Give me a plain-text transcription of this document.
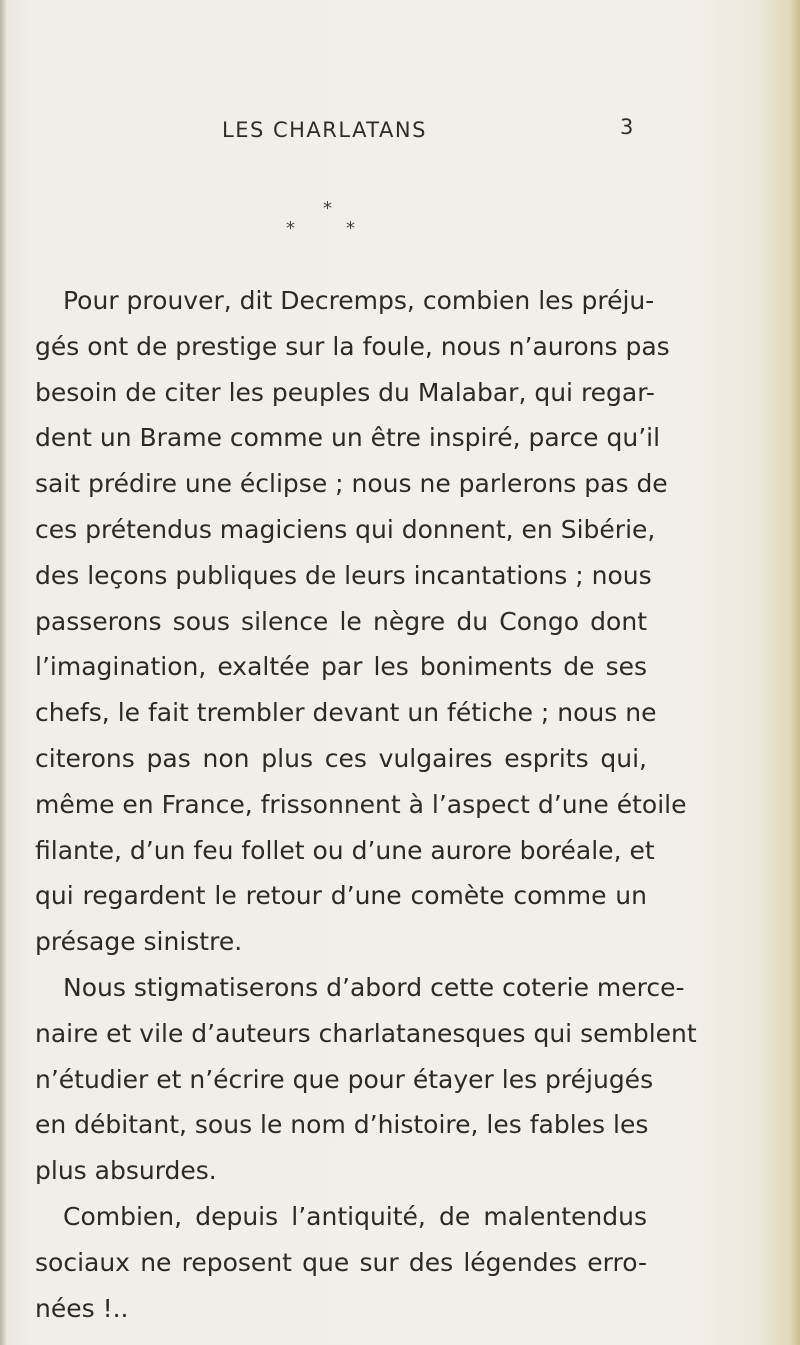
LES CHARLATANS	3
*
*	*
Pour prouver, dit Decremps, combien les préju-
gés ont de prestige sur la foule, nous n’aurons pas
besoin de citer les peuples du Malabar, qui regar-
dent un Brame comme un être inspiré, parce qu’il
sait prédire une éclipse ; nous ne parlerons pas de
ces prétendus magiciens qui donnent, en Sibérie,
des leçons publiques de leurs incantations ; nous
passerons sous silence le nègre du Congo dont
l’imagination, exaltée par les boniments de ses
chefs, le fait trembler devant un fétiche ; nous ne
citerons pas non plus ces vulgaires esprits qui,
même en France, frissonnent à l’aspect d’une étoile
filante, d’un feu follet ou d’une aurore boréale, et
qui regardent le retour d’une comète comme un
présage sinistre.
Nous stigmatiserons d’abord cette coterie merce-
naire et vile d’auteurs charlatanesques qui semblent
n’étudier et n’écrire que pour étayer les préjugés
en débitant, sous le nom d’histoire, les fables les
plus absurdes.
Combien, depuis l’antiquité, de malentendus
sociaux ne reposent que sur des légendes erro-
nées !..
